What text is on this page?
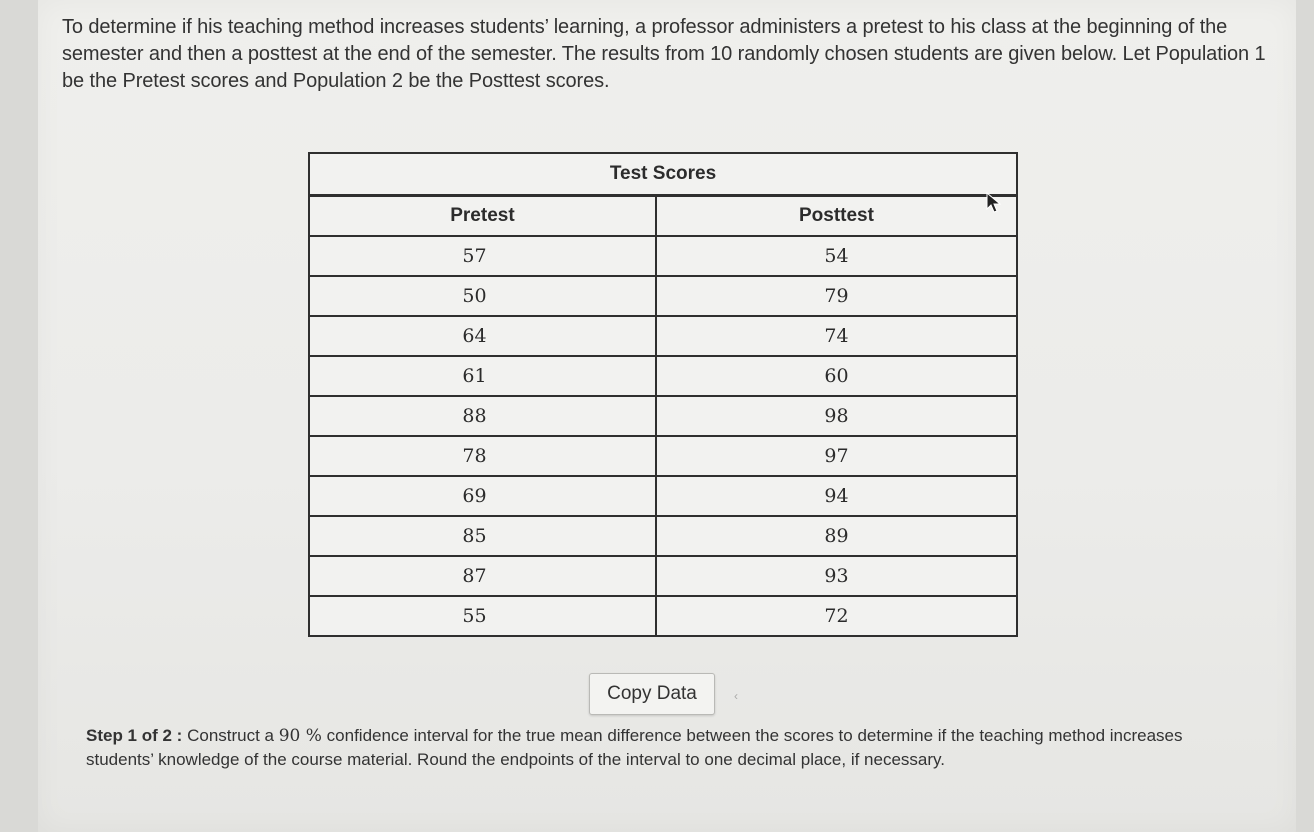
To determine if his teaching method increases students’ learning, a professor administers a pretest to his class at the beginning of the semester and then a posttest at the end of the semester. The results from 10 randomly chosen students are given below. Let Population 1 be the Pretest scores and Population 2 be the Posttest scores.

Test Scores	
Pretest	Posttest
57	54
50	79
64	74
61	60
88	98
78	97
69	94
85	89
87	93
55	72
Copy Data	‹

Step 1 of 2 : Construct a 90 % confidence interval for the true mean difference between the scores to determine if the teaching method increases students’ knowledge of the course material. Round the endpoints of the interval to one decimal place, if necessary.
